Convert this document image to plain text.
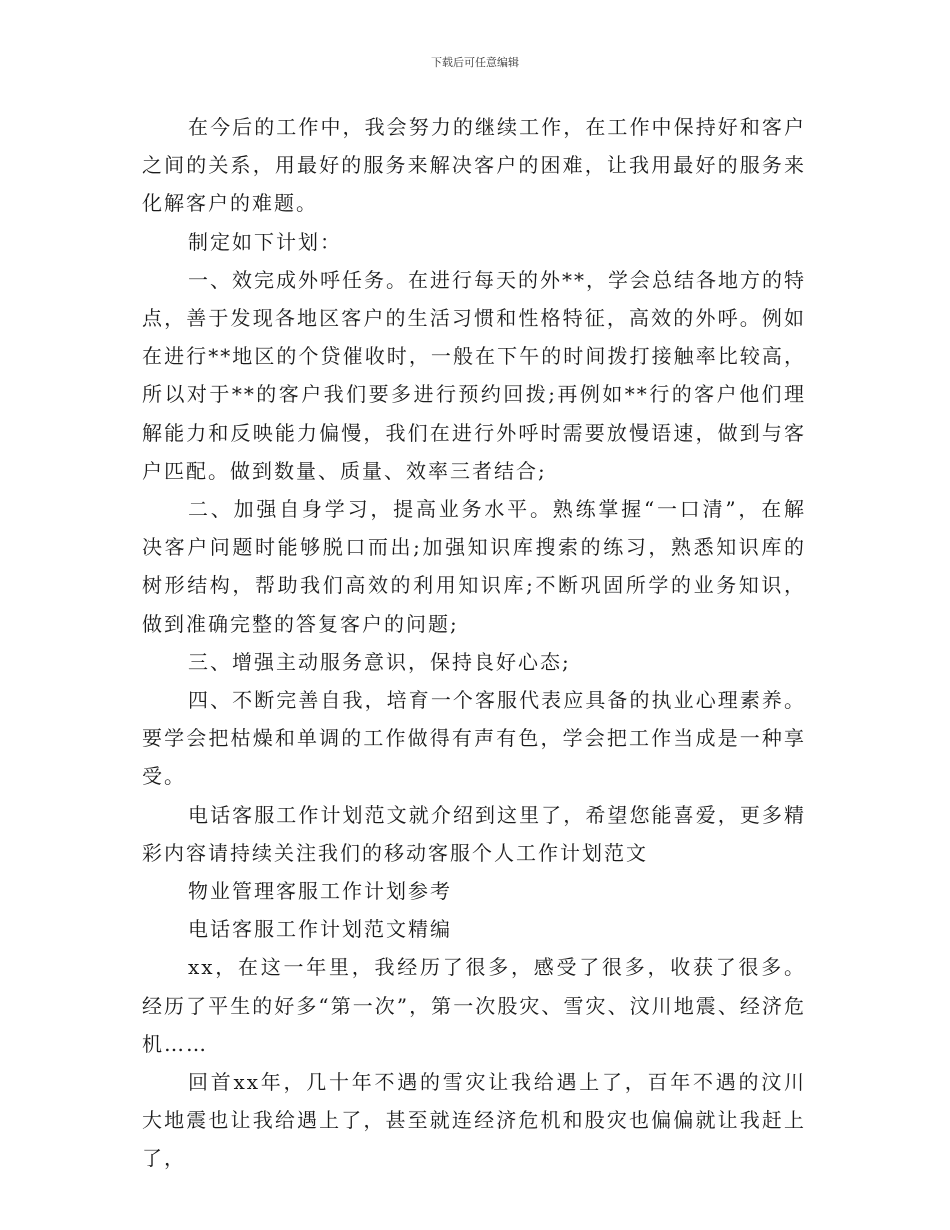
下载后可任意编辑

在今后的工作中，我会努力的继续工作，在工作中保持好和客户之间的关系，用最好的服务来解决客户的困难，让我用最好的服务来化解客户的难题。

制定如下计划：

一、效完成外呼任务。在进行每天的外**，学会总结各地方的特点，善于发现各地区客户的生活习惯和性格特征，高效的外呼。例如在进行**地区的个贷催收时，一般在下午的时间拨打接触率比较高，所以对于**的客户我们要多进行预约回拨;再例如**行的客户他们理解能力和反映能力偏慢，我们在进行外呼时需要放慢语速，做到与客户匹配。做到数量、质量、效率三者结合;

二、加强自身学习，提高业务水平。熟练掌握“一口清”，在解决客户问题时能够脱口而出;加强知识库搜索的练习，熟悉知识库的树形结构，帮助我们高效的利用知识库;不断巩固所学的业务知识，做到准确完整的答复客户的问题;

三、增强主动服务意识，保持良好心态;

四、不断完善自我，培育一个客服代表应具备的执业心理素养。要学会把枯燥和单调的工作做得有声有色，学会把工作当成是一种享受。

电话客服工作计划范文就介绍到这里了，希望您能喜爱，更多精彩内容请持续关注我们的移动客服个人工作计划范文

物业管理客服工作计划参考

电话客服工作计划范文精编

xx，在这一年里，我经历了很多，感受了很多，收获了很多。经历了平生的好多“第一次”，第一次股灾、雪灾、汶川地震、经济危机……

回首xx年，几十年不遇的雪灾让我给遇上了，百年不遇的汶川大地震也让我给遇上了，甚至就连经济危机和股灾也偏偏就让我赶上了，
